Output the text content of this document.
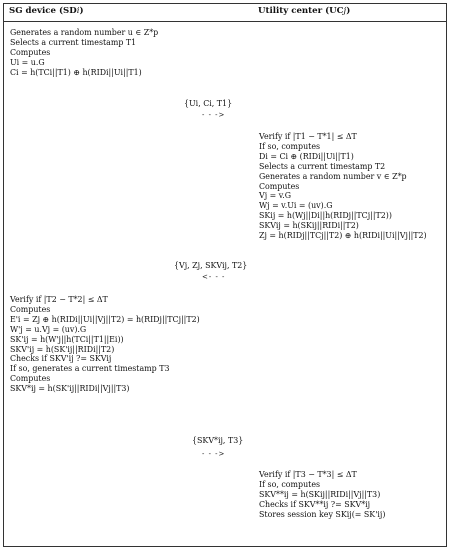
SG device (SDi)	Utility center (UCj)
Generates a random number u ∈ Z*p
Selects a current timestamp T1
Computes
Ui = u.G
Ci = h(TCi||T1) ⊕ h(RIDi||Ui||T1)
{Ui, Ci, T1}
- - ->
Verify if |T1 − T*1| ≤ ΔT
If so, computes
Di = Ci ⊕ (RIDi||Ui||T1)
Selects a current timestamp T2
Generates a random number v ∈ Z*p
Computes
Vj = v.G
Wj = v.Ui = (uv).G
SKij = h(Wj||Di||h(RIDj||TCj||T2))
SKVij = h(SKij||RIDi||T2)
Zj = h(RIDj||TCj||T2) ⊕ h(RIDi||Ui||Vj||T2)
{Vj, Zj, SKVij, T2}
<- - -
Verify if |T2 − T*2| ≤ ΔT
Computes
E'i = Zj ⊕ h(RIDi||Ui||Vj||T2) = h(RIDj||TCj||T2)
W'j = u.Vj = (uv).G
SK'ij = h(W'j||h(TCi||T1||Ei))
SKV'ij = h(SK'ij||RIDi||T2)
Checks if SKV'ij ?= SKVij
If so, generates a current timestamp T3
Computes
SKV*ij = h(SK'ij||RIDi||Vj||T3)
{SKV*ij, T3}
- - ->
Verify if |T3 − T*3| ≤ ΔT
If so, computes
SKV**ij = h(SKij||RIDi||Vj||T3)
Checks if SKV**ij ?= SKV*ij
Stores session key SKij(= SK'ij)
